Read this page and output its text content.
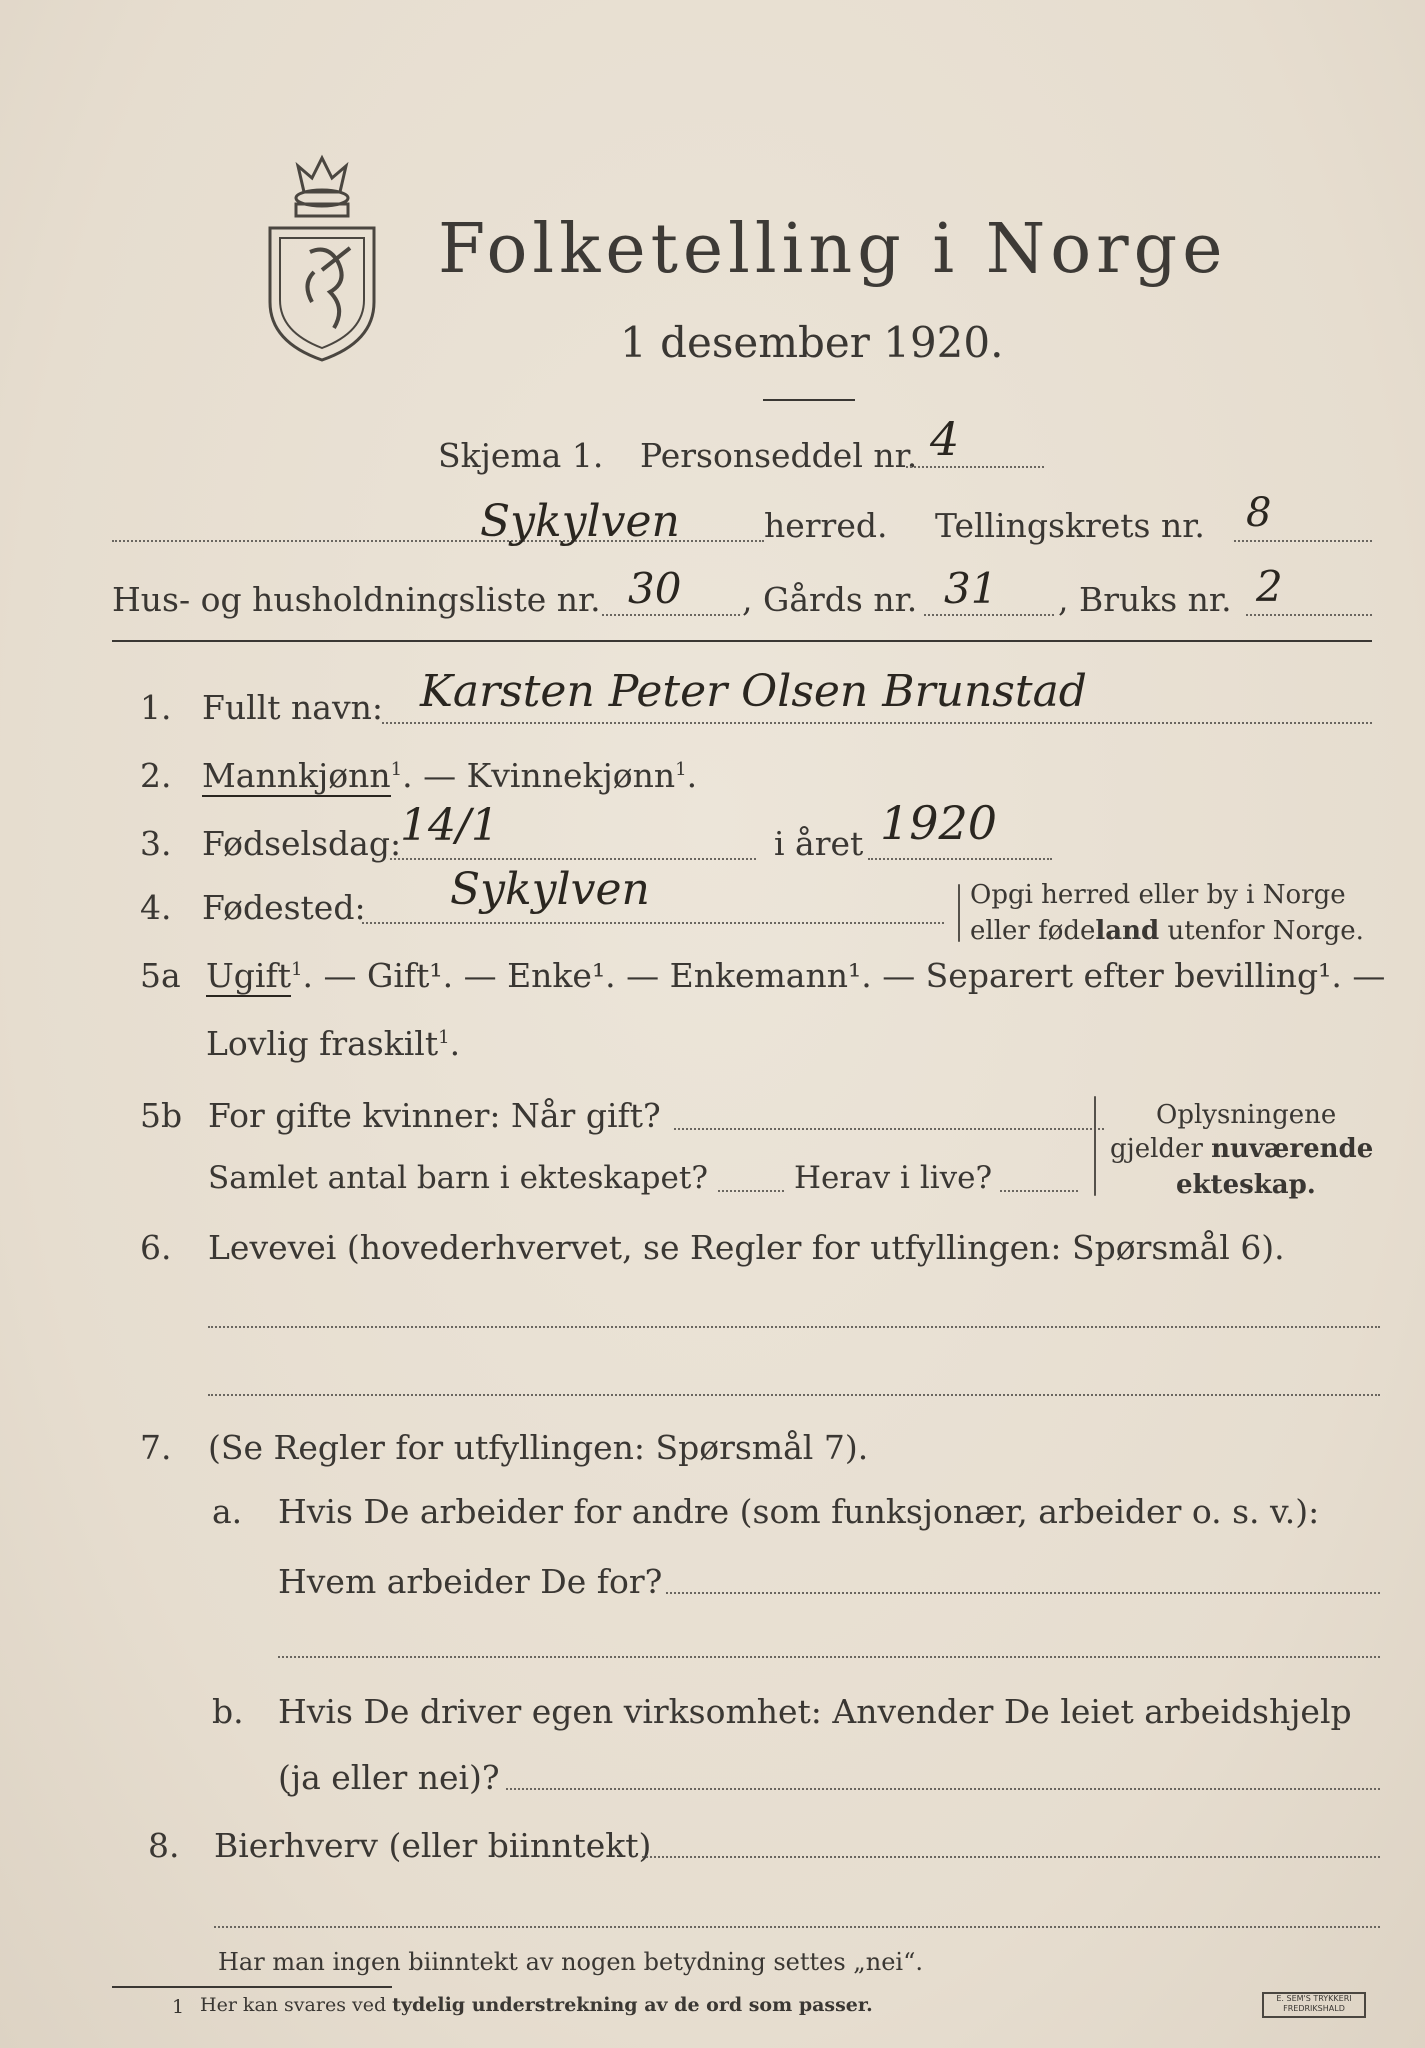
Folketelling i Norge
1 desember 1920.
Skjema 1. Personseddel nr. 4
Sykylven	herred. Tellingskrets nr. 8
Hus- og husholdningsliste nr. 30 , Gårds nr. 31 , Bruks nr. 2
1. Fullt navn: Karsten Peter Olsen Brunstad
2. Mannkjønn$^1$. — Kvinnekjønn$^1$.
3. Fødselsdag:
14/1	i året 1920
4. Fødested: Sykylven	Opgi herred eller by i Norge
eller fødeland utenfor Norge.
5a Ugift$^1$. — Gift¹. — Enke¹. — Enkemann¹. — Separert efter bevilling¹. —
Lovlig fraskilt$^1$.
5b For gifte kvinner: Når gift?
Samlet antal barn i ekteskapet?	Herav i live?
Oplysningene
gjelder nuværende
ekteskap.
6. Levevei (hovederhvervet, se Regler for utfyllingen: Spørsmål 6).
7. (Se Regler for utfyllingen: Spørsmål 7).
a. Hvis De arbeider for andre (som funksjonær, arbeider o. s. v.):
Hvem arbeider De for?
b. Hvis De driver egen virksomhet: Anvender De leiet arbeidshjelp
(ja eller nei)?
8. Bierhverv (eller biinntekt)
Har man ingen biinntekt av nogen betydning settes „nei“.
1 Her kan svares ved tydelig understrekning av de ord som passer.	E. SEM'S TRYKKERI
FREDRIKSHALD
